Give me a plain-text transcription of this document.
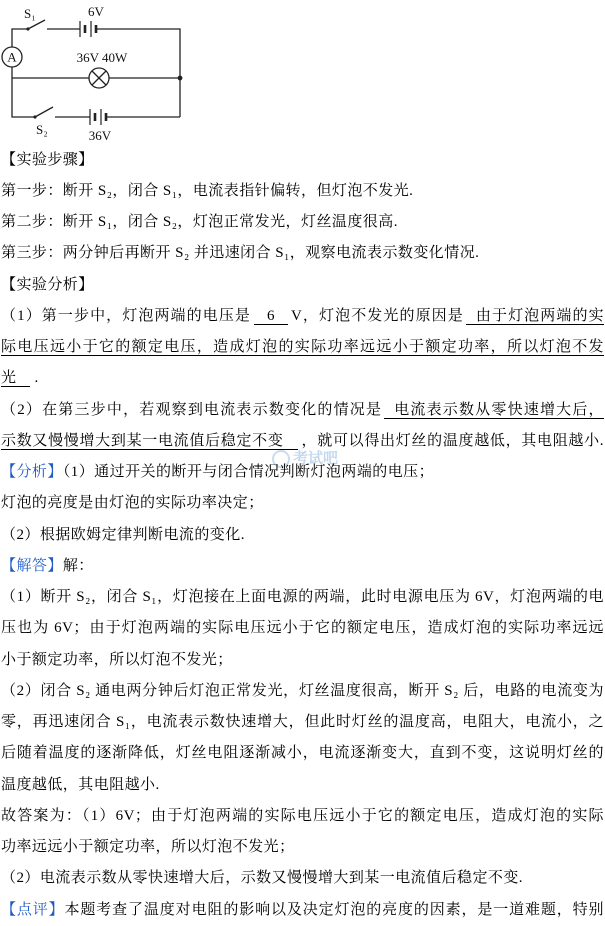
S₁	6V
A	36V 40W
S₂	36V
考试吧
【实验步骤】
第一步：断开 S₂，闭合 S₁，电流表指针偏转，但灯泡不发光.
第二步：断开 S₁，闭合 S₂，灯泡正常发光，灯丝温度很高.
第三步：两分钟后再断开 S₂ 并迅速闭合 S₁，观察电流表示数变化情况.
【实验分析】
（1）第一步中，灯泡两端的电压是 6 V，灯泡不发光的原因是 由于灯泡两端的实
际电压远小于它的额定电压，造成灯泡的实际功率远远小于额定功率，所以灯泡不发
光 .
（2）在第三步中，若观察到电流表示数变化的情况是 电流表示数从零快速增大后，
示数又慢慢增大到某一电流值后稳定不变 ，就可以得出灯丝的温度越低，其电阻越小.
【分析】（1）通过开关的断开与闭合情况判断灯泡两端的电压；
灯泡的亮度是由灯泡的实际功率决定；
（2）根据欧姆定律判断电流的变化.
【解答】解：
（1）断开 S₂，闭合 S₁，灯泡接在上面电源的两端，此时电源电压为 6V，灯泡两端的电
压也为 6V；由于灯泡两端的实际电压远小于它的额定电压，造成灯泡的实际功率远远
小于额定功率，所以灯泡不发光；
（2）闭合 S₂ 通电两分钟后灯泡正常发光，灯丝温度很高，断开 S₂ 后，电路的电流变为
零，再迅速闭合 S₁，电流表示数快速增大，但此时灯丝的温度高，电阻大，电流小，之
后随着温度的逐渐降低，灯丝电阻逐渐减小，电流逐渐变大，直到不变，这说明灯丝的
温度越低，其电阻越小.
故答案为：（1）6V；由于灯泡两端的实际电压远小于它的额定电压，造成灯泡的实际
功率远远小于额定功率，所以灯泡不发光；
（2）电流表示数从零快速增大后，示数又慢慢增大到某一电流值后稳定不变.
【点评】本题考查了温度对电阻的影响以及决定灯泡的亮度的因素，是一道难题，特别
